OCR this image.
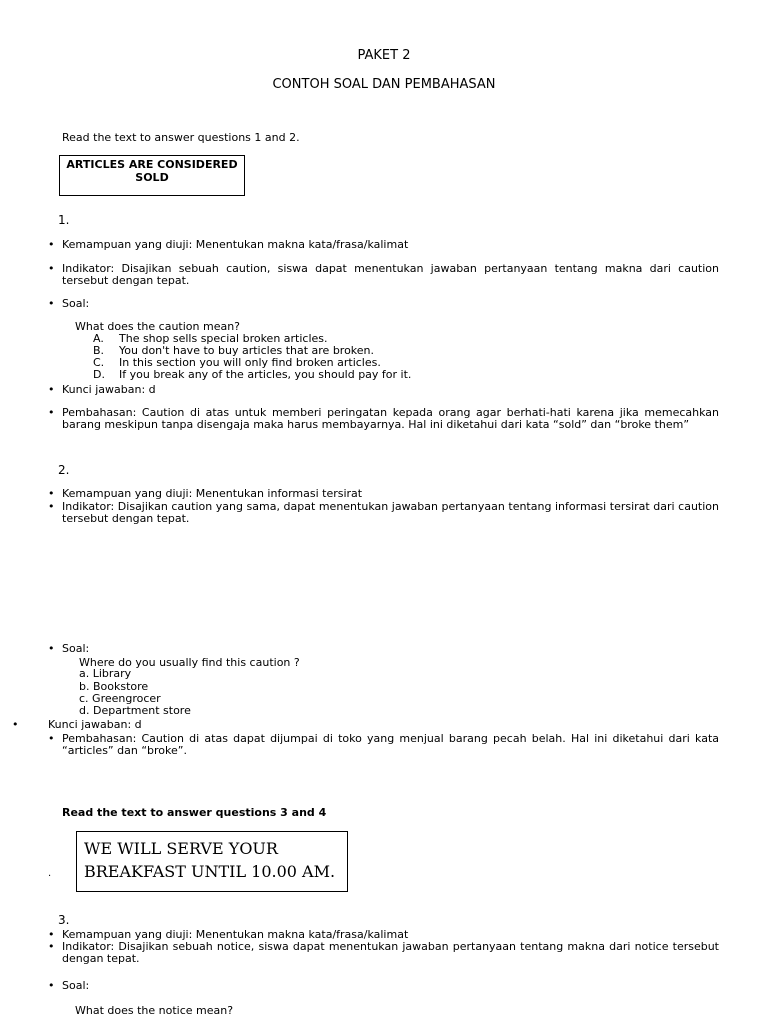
PAKET 2
CONTOH SOAL DAN PEMBAHASAN
Read the text to answer questions 1 and 2.
ARTICLES ARE CONSIDERED SOLD
1.
• Kemampuan yang diuji: Menentukan makna kata/frasa/kalimat
• Indikator: Disajikan sebuah caution, siswa dapat menentukan jawaban pertanyaan tentang makna dari caution tersebut dengan tepat.
• Soal:
What does the caution mean?
A. The shop sells special broken articles.
B. You don't have to buy articles that are broken.
C. In this section you will only find broken articles.
D. If you break any of the articles, you should pay for it.
• Kunci jawaban: d
• Pembahasan: Caution di atas untuk memberi peringatan kepada orang agar berhati-hati karena jika memecahkan barang meskipun tanpa disengaja maka harus membayarnya. Hal ini diketahui dari kata “sold” dan “broke them”
2.
• Kemampuan yang diuji: Menentukan informasi tersirat
• Indikator: Disajikan caution yang sama, dapat menentukan jawaban pertanyaan tentang informasi tersirat dari caution tersebut dengan tepat.
• Soal:
Where do you usually find this caution ?
a. Library
b. Bookstore
c. Greengrocer
d. Department store
•	Kunci jawaban: d
• Pembahasan: Caution di atas dapat dijumpai di toko yang menjual barang pecah belah. Hal ini diketahui dari kata “articles” dan “broke”.
Read the text to answer questions 3 and 4
.
WE WILL SERVE YOUR
BREAKFAST UNTIL 10.00 AM.
3.
• Kemampuan yang diuji: Menentukan makna kata/frasa/kalimat
• Indikator: Disajikan sebuah notice, siswa dapat menentukan jawaban pertanyaan tentang makna dari notice tersebut dengan tepat.
• Soal:
What does the notice mean?
